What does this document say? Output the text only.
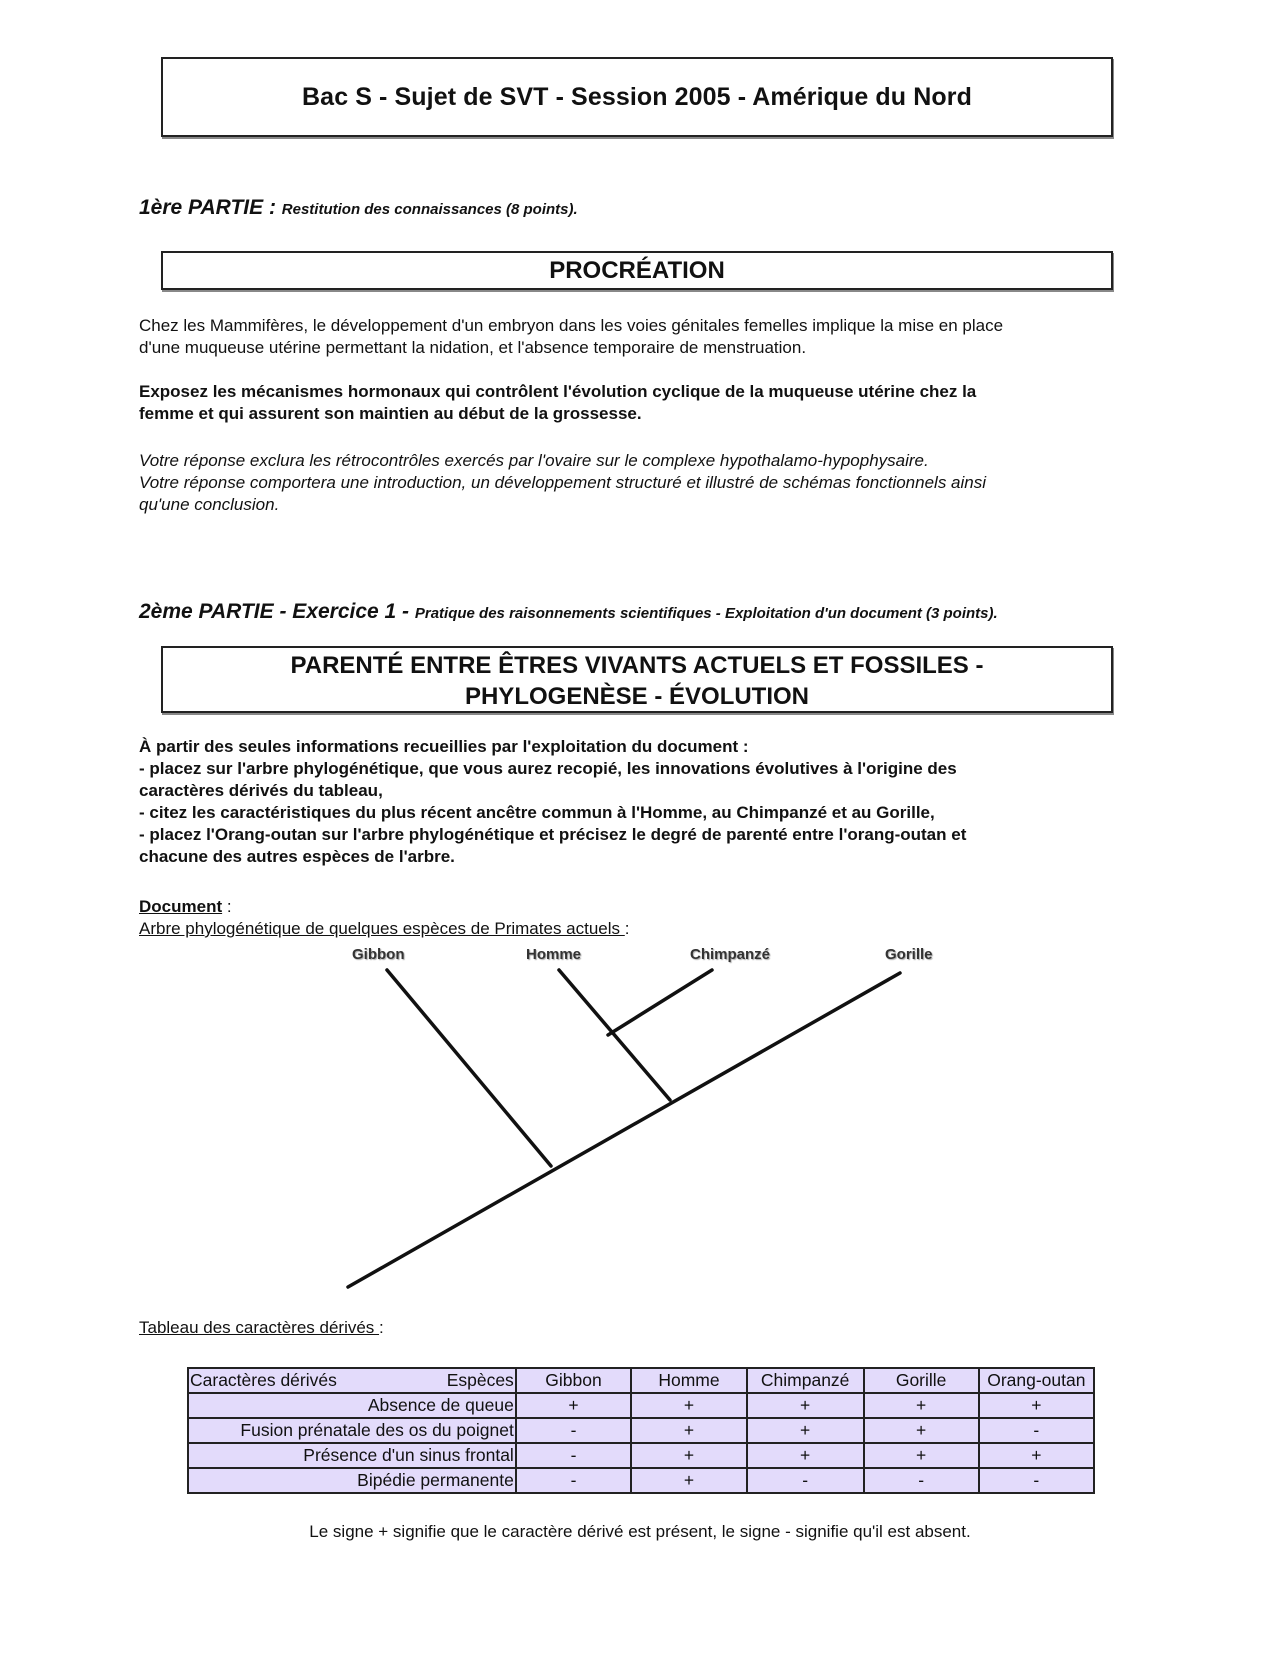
Bac S - Sujet de SVT - Session 2005 - Amérique du Nord
1ère PARTIE : Restitution des connaissances (8 points).
PROCRÉATION
Chez les Mammifères, le développement d'un embryon dans les voies génitales femelles implique la mise en place
d'une muqueuse utérine permettant la nidation, et l'absence temporaire de menstruation.
Exposez les mécanismes hormonaux qui contrôlent l'évolution cyclique de la muqueuse utérine chez la
femme et qui assurent son maintien au début de la grossesse.
Votre réponse exclura les rétrocontrôles exercés par l'ovaire sur le complexe hypothalamo-hypophysaire.
Votre réponse comportera une introduction, un développement structuré et illustré de schémas fonctionnels ainsi
qu'une conclusion.
2ème PARTIE - Exercice 1 - Pratique des raisonnements scientifiques - Exploitation d'un document (3 points).
PARENTÉ ENTRE ÊTRES VIVANTS ACTUELS ET FOSSILES -
PHYLOGENÈSE - ÉVOLUTION
À partir des seules informations recueillies par l'exploitation du document :
- placez sur l'arbre phylogénétique, que vous aurez recopié, les innovations évolutives à l'origine des
caractères dérivés du tableau,
- citez les caractéristiques du plus récent ancêtre commun à l'Homme, au Chimpanzé et au Gorille,
- placez l'Orang-outan sur l'arbre phylogénétique et précisez le degré de parenté entre l'orang-outan et
chacune des autres espèces de l'arbre.
Document :
Arbre phylogénétique de quelques espèces de Primates actuels :
Gibbon	Homme	Chimpanzé	Gorille
Tableau des caractères dérivés :
Caractères dérivés Espèces	Gibbon	Homme	Chimpanzé	Gorille	Orang-outan
Absence de queue	+	+	+	+	+
Fusion prénatale des os du poignet	-	+	+	+	-
Présence d'un sinus frontal	-	+	+	+	+
Bipédie permanente	-	+	-	-	-
Le signe + signifie que le caractère dérivé est présent, le signe - signifie qu'il est absent.
